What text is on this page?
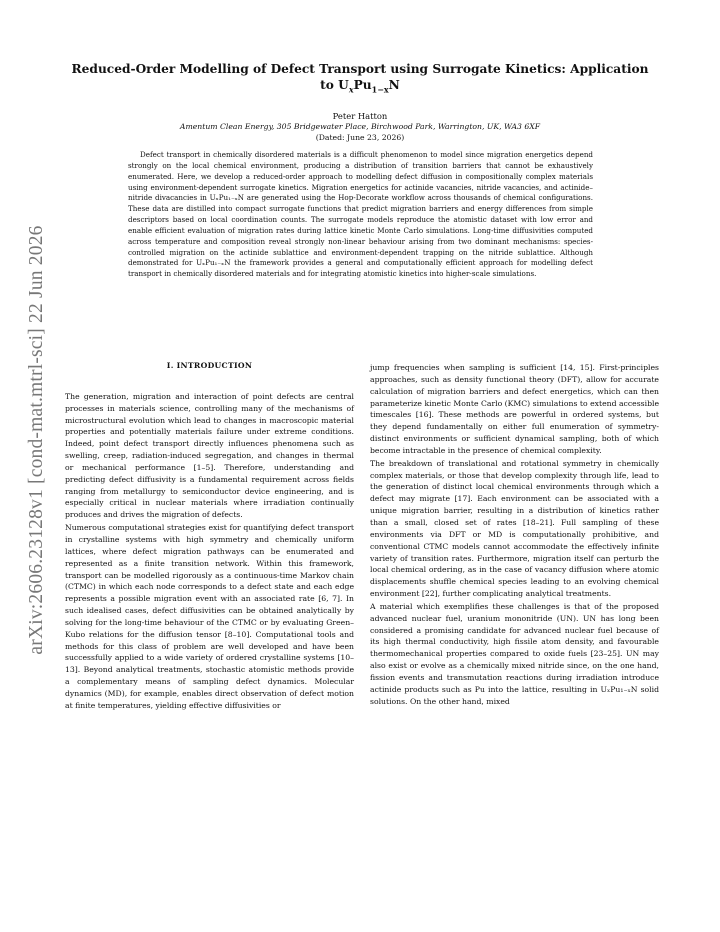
arXiv:2606.23128v1 [cond-mat.mtrl-sci] 22 Jun 2026
Reduced-Order Modelling of Defect Transport using Surrogate Kinetics: Application
to $U_xPu_{1-x}N$
Peter Hatton
Amentum Clean Energy, 305 Bridgewater Place, Birchwood Park, Warrington, UK, WA3 6XF
(Dated: June 23, 2026)

Defect transport in chemically disordered materials is a difficult phenomenon to model since migration energetics depend strongly on the local chemical environment, producing a distribution of transition barriers that cannot be exhaustively enumerated. Here, we develop a reduced-order approach to modelling defect diffusion in compositionally complex materials using environment-dependent surrogate kinetics. Migration energetics for actinide vacancies, nitride vacancies, and actinide–nitride divacancies in UₓPu₁₋ₓN are generated using the Hop-Decorate workflow across thousands of chemical configurations. These data are distilled into compact surrogate functions that predict migration barriers and energy differences from simple descriptors based on local coordination counts. The surrogate models reproduce the atomistic dataset with low error and enable efficient evaluation of migration rates during lattice kinetic Monte Carlo simulations. Long-time diffusivities computed across temperature and composition reveal strongly non-linear behaviour arising from two dominant mechanisms: species-controlled migration on the actinide sublattice and environment-dependent trapping on the nitride sublattice. Although demonstrated for UₓPu₁₋ₓN the framework provides a general and computationally efficient approach for modelling defect transport in chemically disordered materials and for integrating atomistic kinetics into higher-scale simulations.

I. INTRODUCTION

The generation, migration and interaction of point defects are central processes in materials science, controlling many of the mechanisms of microstructural evolution which lead to changes in macroscopic material properties and potentially materials failure under extreme conditions. Indeed, point defect transport directly influences phenomena such as swelling, creep, radiation-induced segregation, and changes in thermal or mechanical performance [1–5]. Therefore, understanding and predicting defect diffusivity is a fundamental requirement across fields ranging from metallurgy to semiconductor device engineering, and is especially critical in nuclear materials where irradiation continually produces and drives the migration of defects.

Numerous computational strategies exist for quantifying defect transport in crystalline systems with high symmetry and chemically uniform lattices, where defect migration pathways can be enumerated and represented as a finite transition network. Within this framework, transport can be modelled rigorously as a continuous-time Markov chain (CTMC) in which each node corresponds to a defect state and each edge represents a possible migration event with an associated rate [6, 7]. In such idealised cases, defect diffusivities can be obtained analytically by solving for the long-time behaviour of the CTMC or by evaluating Green–Kubo relations for the diffusion tensor [8–10]. Computational tools and methods for this class of problem are well developed and have been successfully applied to a wide variety of ordered crystalline systems [10–13]. Beyond analytical treatments, stochastic atomistic methods provide a complementary means of sampling defect dynamics. Molecular dynamics (MD), for example, enables direct observation of defect motion at finite temperatures, yielding effective diffusivities or

jump frequencies when sampling is sufficient [14, 15]. First-principles approaches, such as density functional theory (DFT), allow for accurate calculation of migration barriers and defect energetics, which can then parameterize kinetic Monte Carlo (KMC) simulations to extend accessible timescales [16]. These methods are powerful in ordered systems, but they depend fundamentally on either full enumeration of symmetry-distinct environments or sufficient dynamical sampling, both of which become intractable in the presence of chemical complexity.

The breakdown of translational and rotational symmetry in chemically complex materials, or those that develop complexity through life, lead to the generation of distinct local chemical environments through which a defect may migrate [17]. Each environment can be associated with a unique migration barrier, resulting in a distribution of kinetics rather than a small, closed set of rates [18–21]. Full sampling of these environments via DFT or MD is computationally prohibitive, and conventional CTMC models cannot accommodate the effectively infinite variety of transition rates. Furthermore, migration itself can perturb the local chemical ordering, as in the case of vacancy diffusion where atomic displacements shuffle chemical species leading to an evolving chemical environment [22], further complicating analytical treatments.

A material which exemplifies these challenges is that of the proposed advanced nuclear fuel, uranium mononitride (UN). UN has long been considered a promising candidate for advanced nuclear fuel because of its high thermal conductivity, high fissile atom density, and favourable thermomechanical properties compared to oxide fuels [23–25]. UN may also exist or evolve as a chemically mixed nitride since, on the one hand, fission events and transmutation reactions during irradiation introduce actinide products such as Pu into the lattice, resulting in UₓPu₁₋ₓN solid solutions. On the other hand, mixed
